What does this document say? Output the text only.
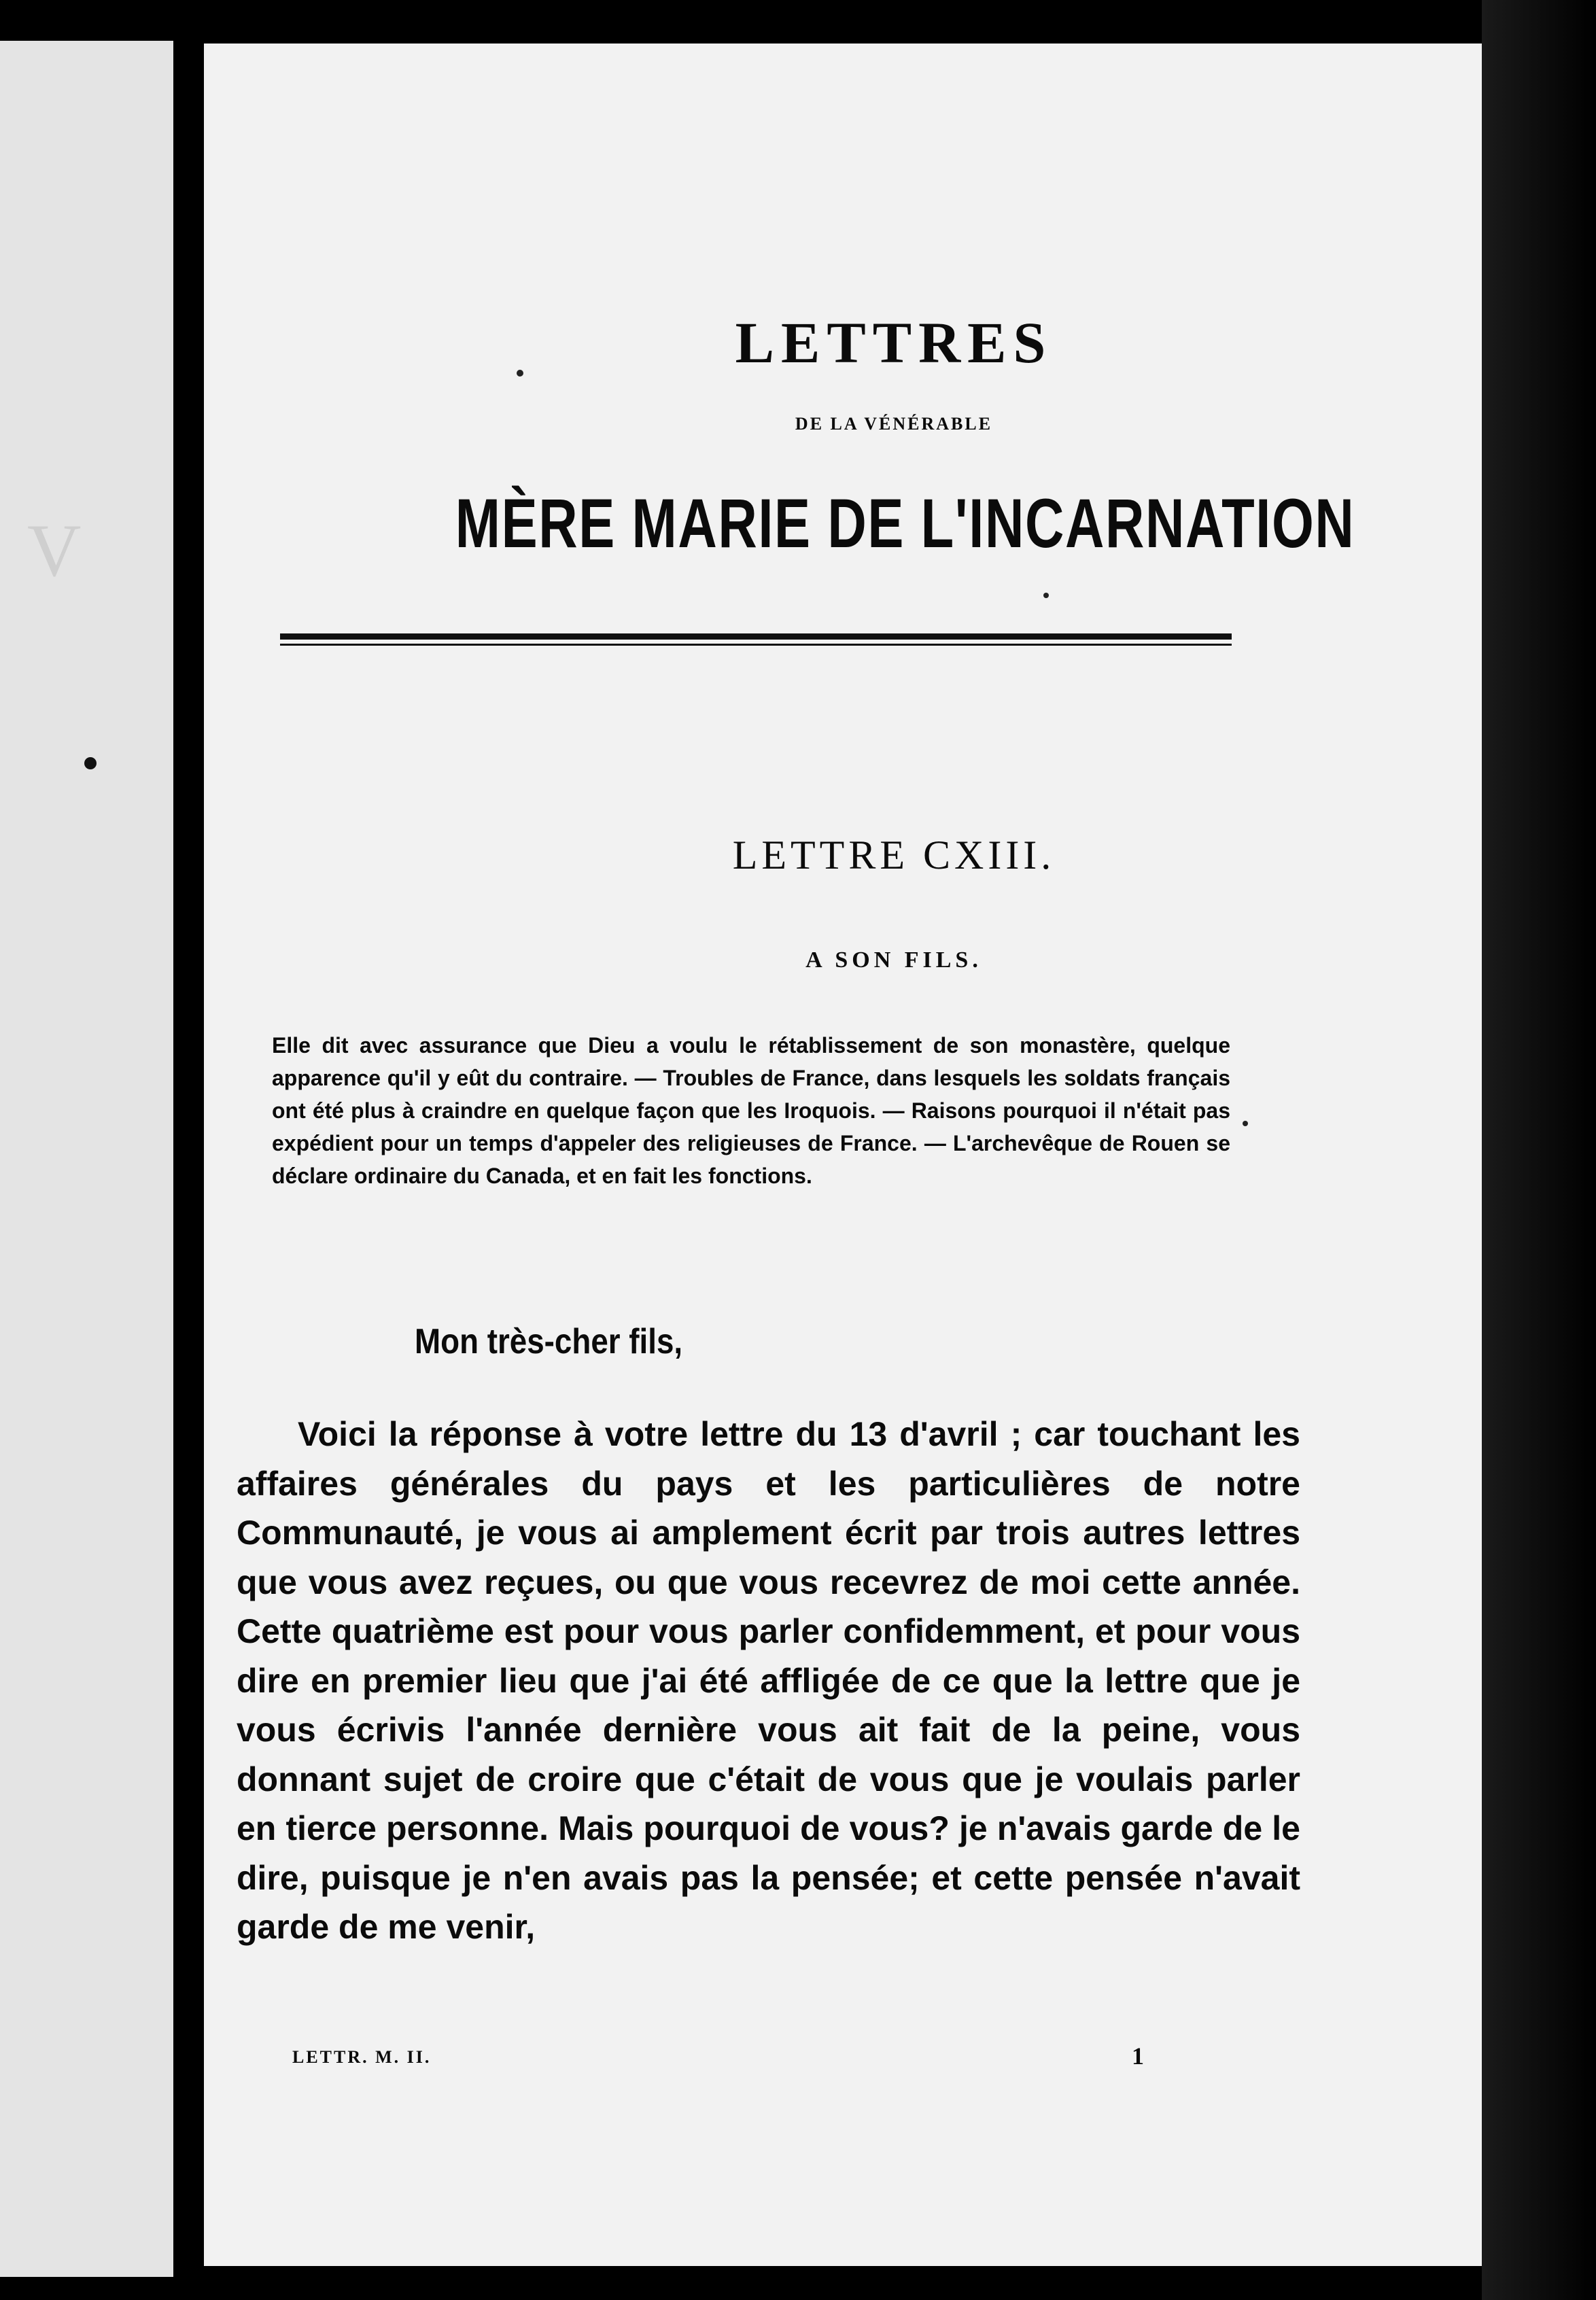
V
LETTRES
DE LA VÉNÉRABLE
MÈRE MARIE DE L'INCARNATION
LETTRE CXIII.
A SON FILS.

Elle dit avec assurance que Dieu a voulu le rétablissement de son monastère, quelque apparence qu'il y eût du contraire. — Troubles de France, dans lesquels les soldats français ont été plus à craindre en quelque façon que les Iroquois. — Raisons pourquoi il n'était pas expédient pour un temps d'appeler des religieuses de France. — L'archevêque de Rouen se déclare ordinaire du Canada, et en fait les fonctions.

Mon très-cher fils,

Voici la réponse à votre lettre du 13 d'avril ; car touchant les affaires générales du pays et les particulières de notre Communauté, je vous ai amplement écrit par trois autres lettres que vous avez reçues, ou que vous recevrez de moi cette année. Cette quatrième est pour vous parler confidemment, et pour vous dire en premier lieu que j'ai été affligée de ce que la lettre que je vous écrivis l'année dernière vous ait fait de la peine, vous donnant sujet de croire que c'était de vous que je voulais parler en tierce personne. Mais pourquoi de vous? je n'avais garde de le dire, puisque je n'en avais pas la pensée; et cette pensée n'avait garde de me venir,

LETTR. M. II.	1
